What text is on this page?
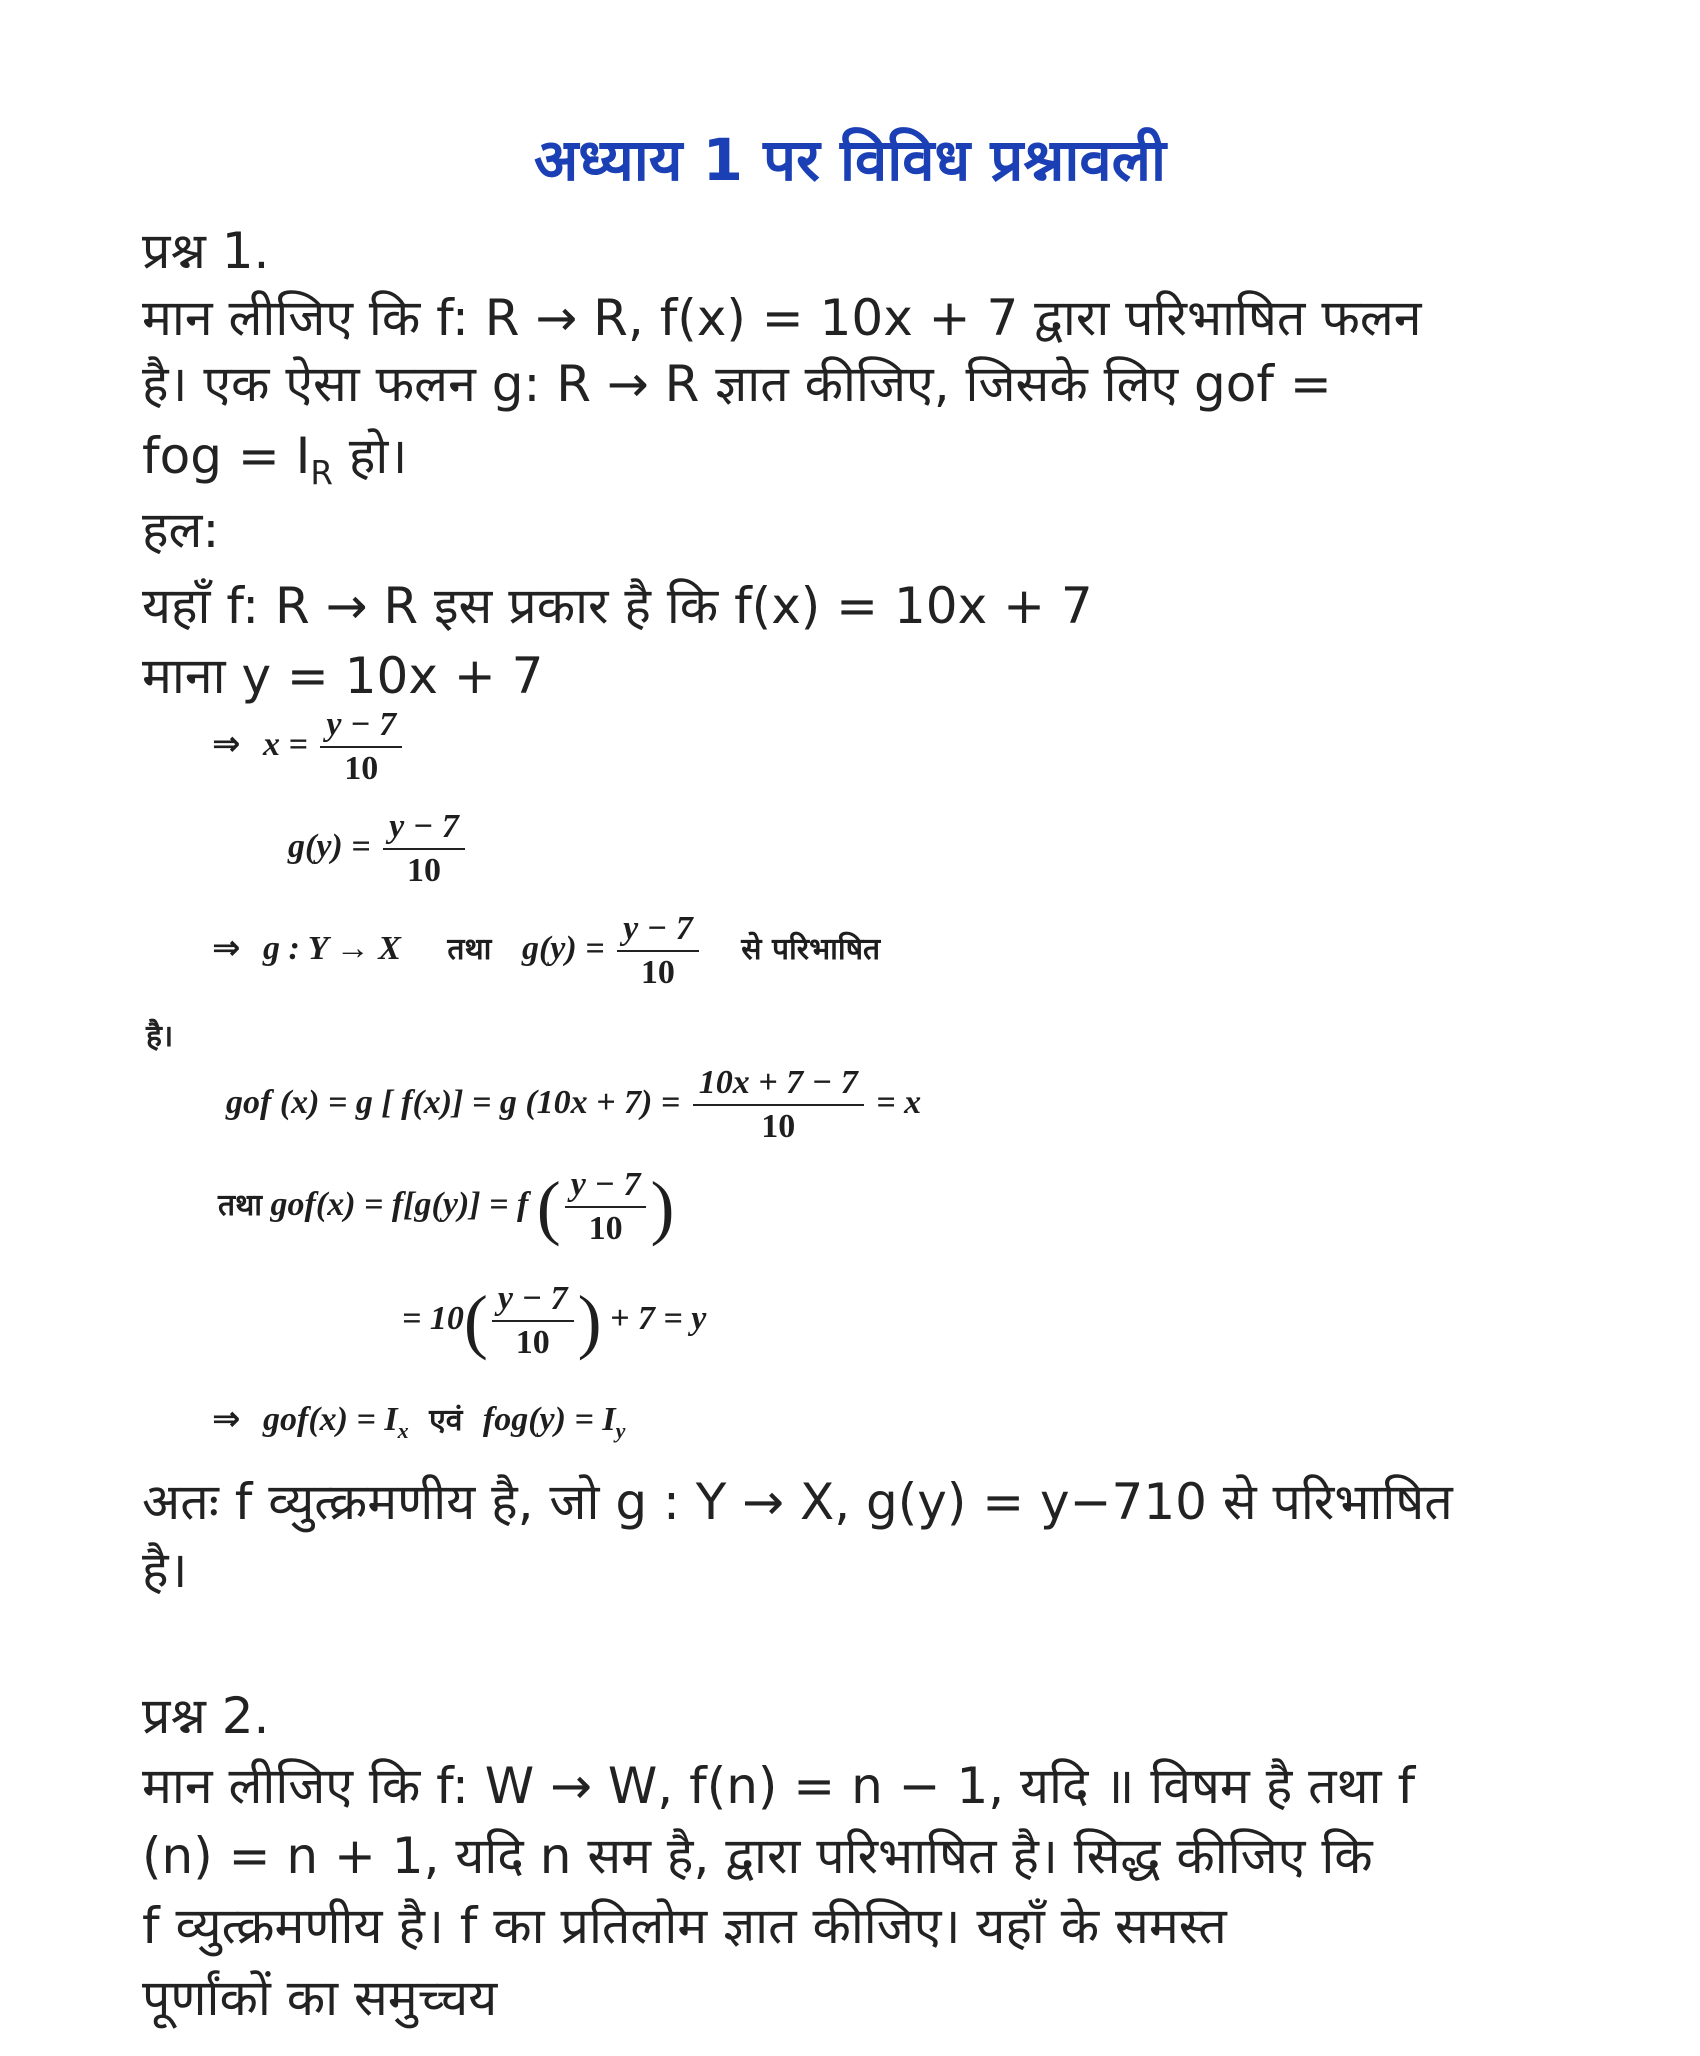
अध्याय 1 पर विविध प्रश्नावली
प्रश्न 1.
मान लीजिए कि f: R → R, f(x) = 10x + 7 द्वारा परिभाषित फलन
है। एक ऐसा फलन g: R → R ज्ञात कीजिए, जिसके लिए gof =
fog = $I_R$ हो।
हल:
यहाँ f: R → R इस प्रकार है कि f(x) = 10x + 7
माना y = 10x + 7
⇒ $x = \frac{y - 7}{10}$
$g(y) = \frac{y - 7}{10}$
⇒ g : Y → X तथा $g(y) = \frac{y - 7}{10}$ से परिभाषित
है।
gof (x) = g [ f(x)] = g $(10x + 7) = \frac{10x + 7 - 7}{10} = x$
तथा gof(x) = f[g(y)] = f ( $\frac{y - 7}{10}$ )
= $10( \frac{y - 7}{10}$ ) + 7 = y
⇒ $gof(x) = I_x$ एवं $fog(y) = I_y$
अतः f व्युत्क्रमणीय है, जो g : Y → X, g(y) = y−710 से परिभाषित
है।
प्रश्न 2.
मान लीजिए कि f: W → W, f(n) = n − 1, यदि ॥ विषम है तथा f
(n) = n + 1, यदि n सम है, द्वारा परिभाषित है। सिद्ध कीजिए कि
f व्युत्क्रमणीय है। f का प्रतिलोम ज्ञात कीजिए। यहाँ के समस्त
पूर्णांकों का समुच्चय
